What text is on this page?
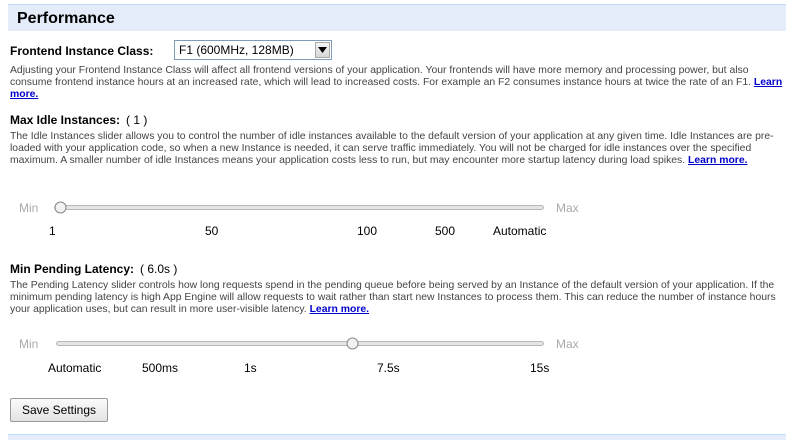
Performance
Frontend Instance Class: F1 (600MHz, 128MB)
Adjusting your Frontend Instance Class will affect all frontend versions of your application. Your frontends will have more memory and processing power, but also consume frontend instance hours at an increased rate, which will lead to increased costs. For example an F2 consumes instance hours at twice the rate of an F1. Learn more.
Max Idle Instances: ( 1 )
The Idle Instances slider allows you to control the number of idle instances available to the default version of your application at any given time. Idle Instances are pre-loaded with your application code, so when a new Instance is needed, it can serve traffic immediately. You will not be charged for idle instances over the specified maximum. A smaller number of idle Instances means your application costs less to run, but may encounter more startup latency during load spikes. Learn more.
Min	Max
1	50	100	500	Automatic
Min Pending Latency: ( 6.0s )
The Pending Latency slider controls how long requests spend in the pending queue before being served by an Instance of the default version of your application. If the minimum pending latency is high App Engine will allow requests to wait rather than start new Instances to process them. This can reduce the number of instance hours your application uses, but can result in more user-visible latency. Learn more.
Min	Max
Automatic	500ms	1s	7.5s	15s
Save Settings
